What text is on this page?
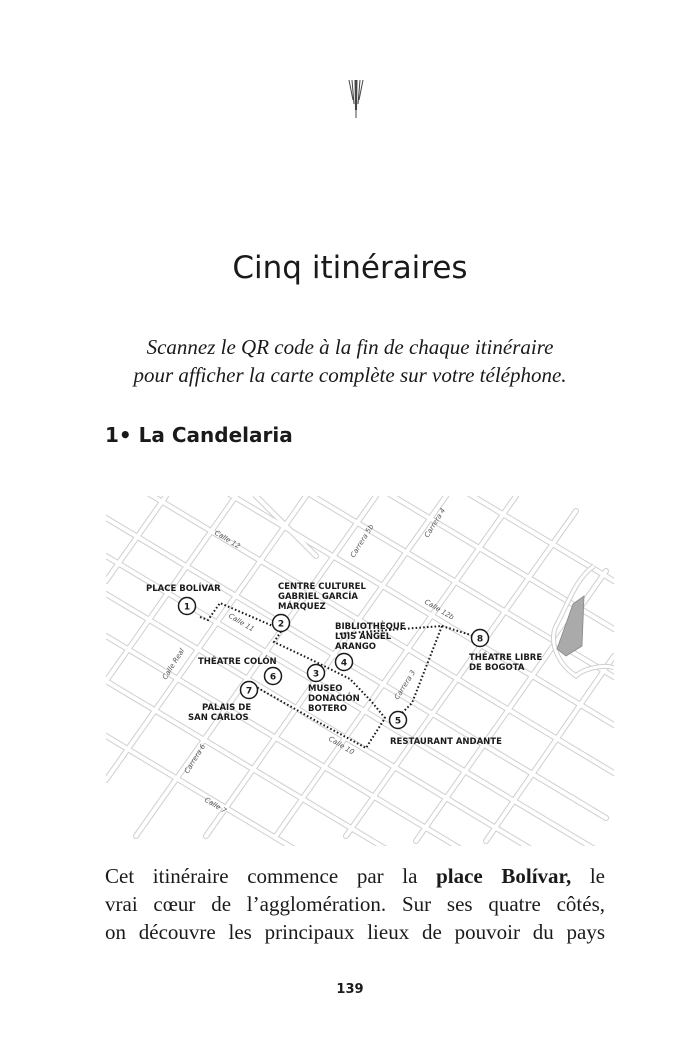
Cinq itinéraires
Scannez le QR code à la fin de chaque itinéraire
pour afficher la carte complète sur votre téléphone.
1• La Candelaria
Calle 12	Carrera 5b
Carrera 4
Calle 11
Calle 12b
Calle Real
Carrera 3
Carrera 6	Calle 10
Calle 7
1
PLACE BOLÍVAR
2
CENTRE CULTUREL
GABRIEL GARCÍA
MÁRQUEZ
3
MUSEO
DONACIÓN
BOTERO
4
BIBLIOTHÈQUE
LUIS ÁNGEL
ARANGO
5
RESTAURANT ANDANTE
6
THÉATRE COLÓN
7
PALAIS DE
SAN CARLOS
8
THÉATRE LIBRE
DE BOGOTA
Cet itinéraire commence par la place Bolívar, le
vrai cœur de l’agglomération. Sur ses quatre côtés,
on découvre les principaux lieux de pouvoir du pays
139
